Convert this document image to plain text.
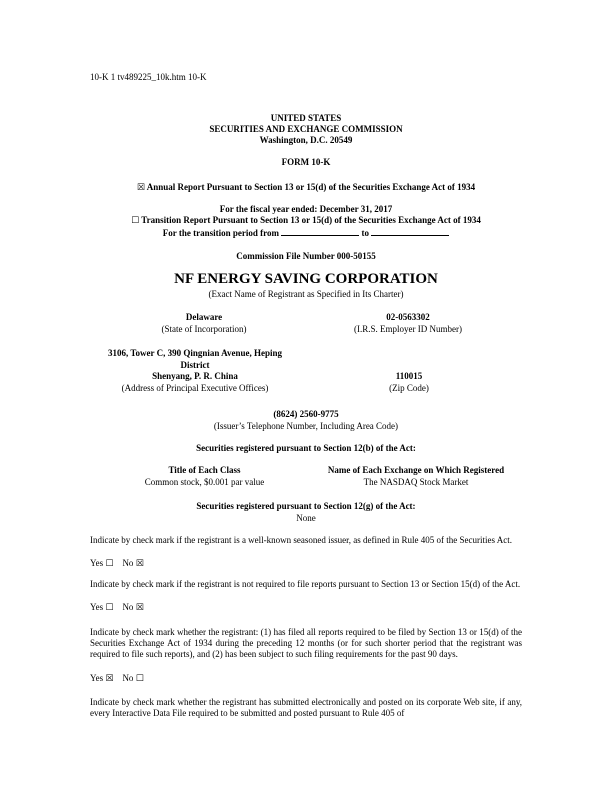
10-K 1 tv489225_10k.htm 10-K
UNITED STATES
SECURITIES AND EXCHANGE COMMISSION
Washington, D.C. 20549
FORM 10-K
☒ Annual Report Pursuant to Section 13 or 15(d) of the Securities Exchange Act of 1934
For the fiscal year ended: December 31, 2017
☐ Transition Report Pursuant to Section 13 or 15(d) of the Securities Exchange Act of 1934
For the transition period from	to
Commission File Number 000-50155
NF ENERGY SAVING CORPORATION
(Exact Name of Registrant as Specified in Its Charter)
Delaware
(State of Incorporation)
02-0563302
(I.R.S. Employer ID Number)
3106, Tower C, 390 Qingnian Avenue, Heping
District
Shenyang, P. R. China
(Address of Principal Executive Offices)
110015
(Zip Code)
(8624) 2560-9775
(Issuer’s Telephone Number, Including Area Code)
Securities registered pursuant to Section 12(b) of the Act:
Title of Each Class	Name of Each Exchange on Which Registered
Common stock, $0.001 par value	The NASDAQ Stock Market
Securities registered pursuant to Section 12(g) of the Act:
None
Indicate by check mark if the registrant is a well-known seasoned issuer, as defined in Rule 405 of the Securities Act.
Yes ☐ No ☒
Indicate by check mark if the registrant is not required to file reports pursuant to Section 13 or Section 15(d) of the Act.
Yes ☐ No ☒
Indicate by check mark whether the registrant: (1) has filed all reports required to be filed by Section 13 or 15(d) of the Securities Exchange Act of 1934 during the preceding 12 months (or for such shorter period that the registrant was required to file such reports), and (2) has been subject to such filing requirements for the past 90 days.
Yes ☒ No ☐
Indicate by check mark whether the registrant has submitted electronically and posted on its corporate Web site, if any, every Interactive Data File required to be submitted and posted pursuant to Rule 405 of
